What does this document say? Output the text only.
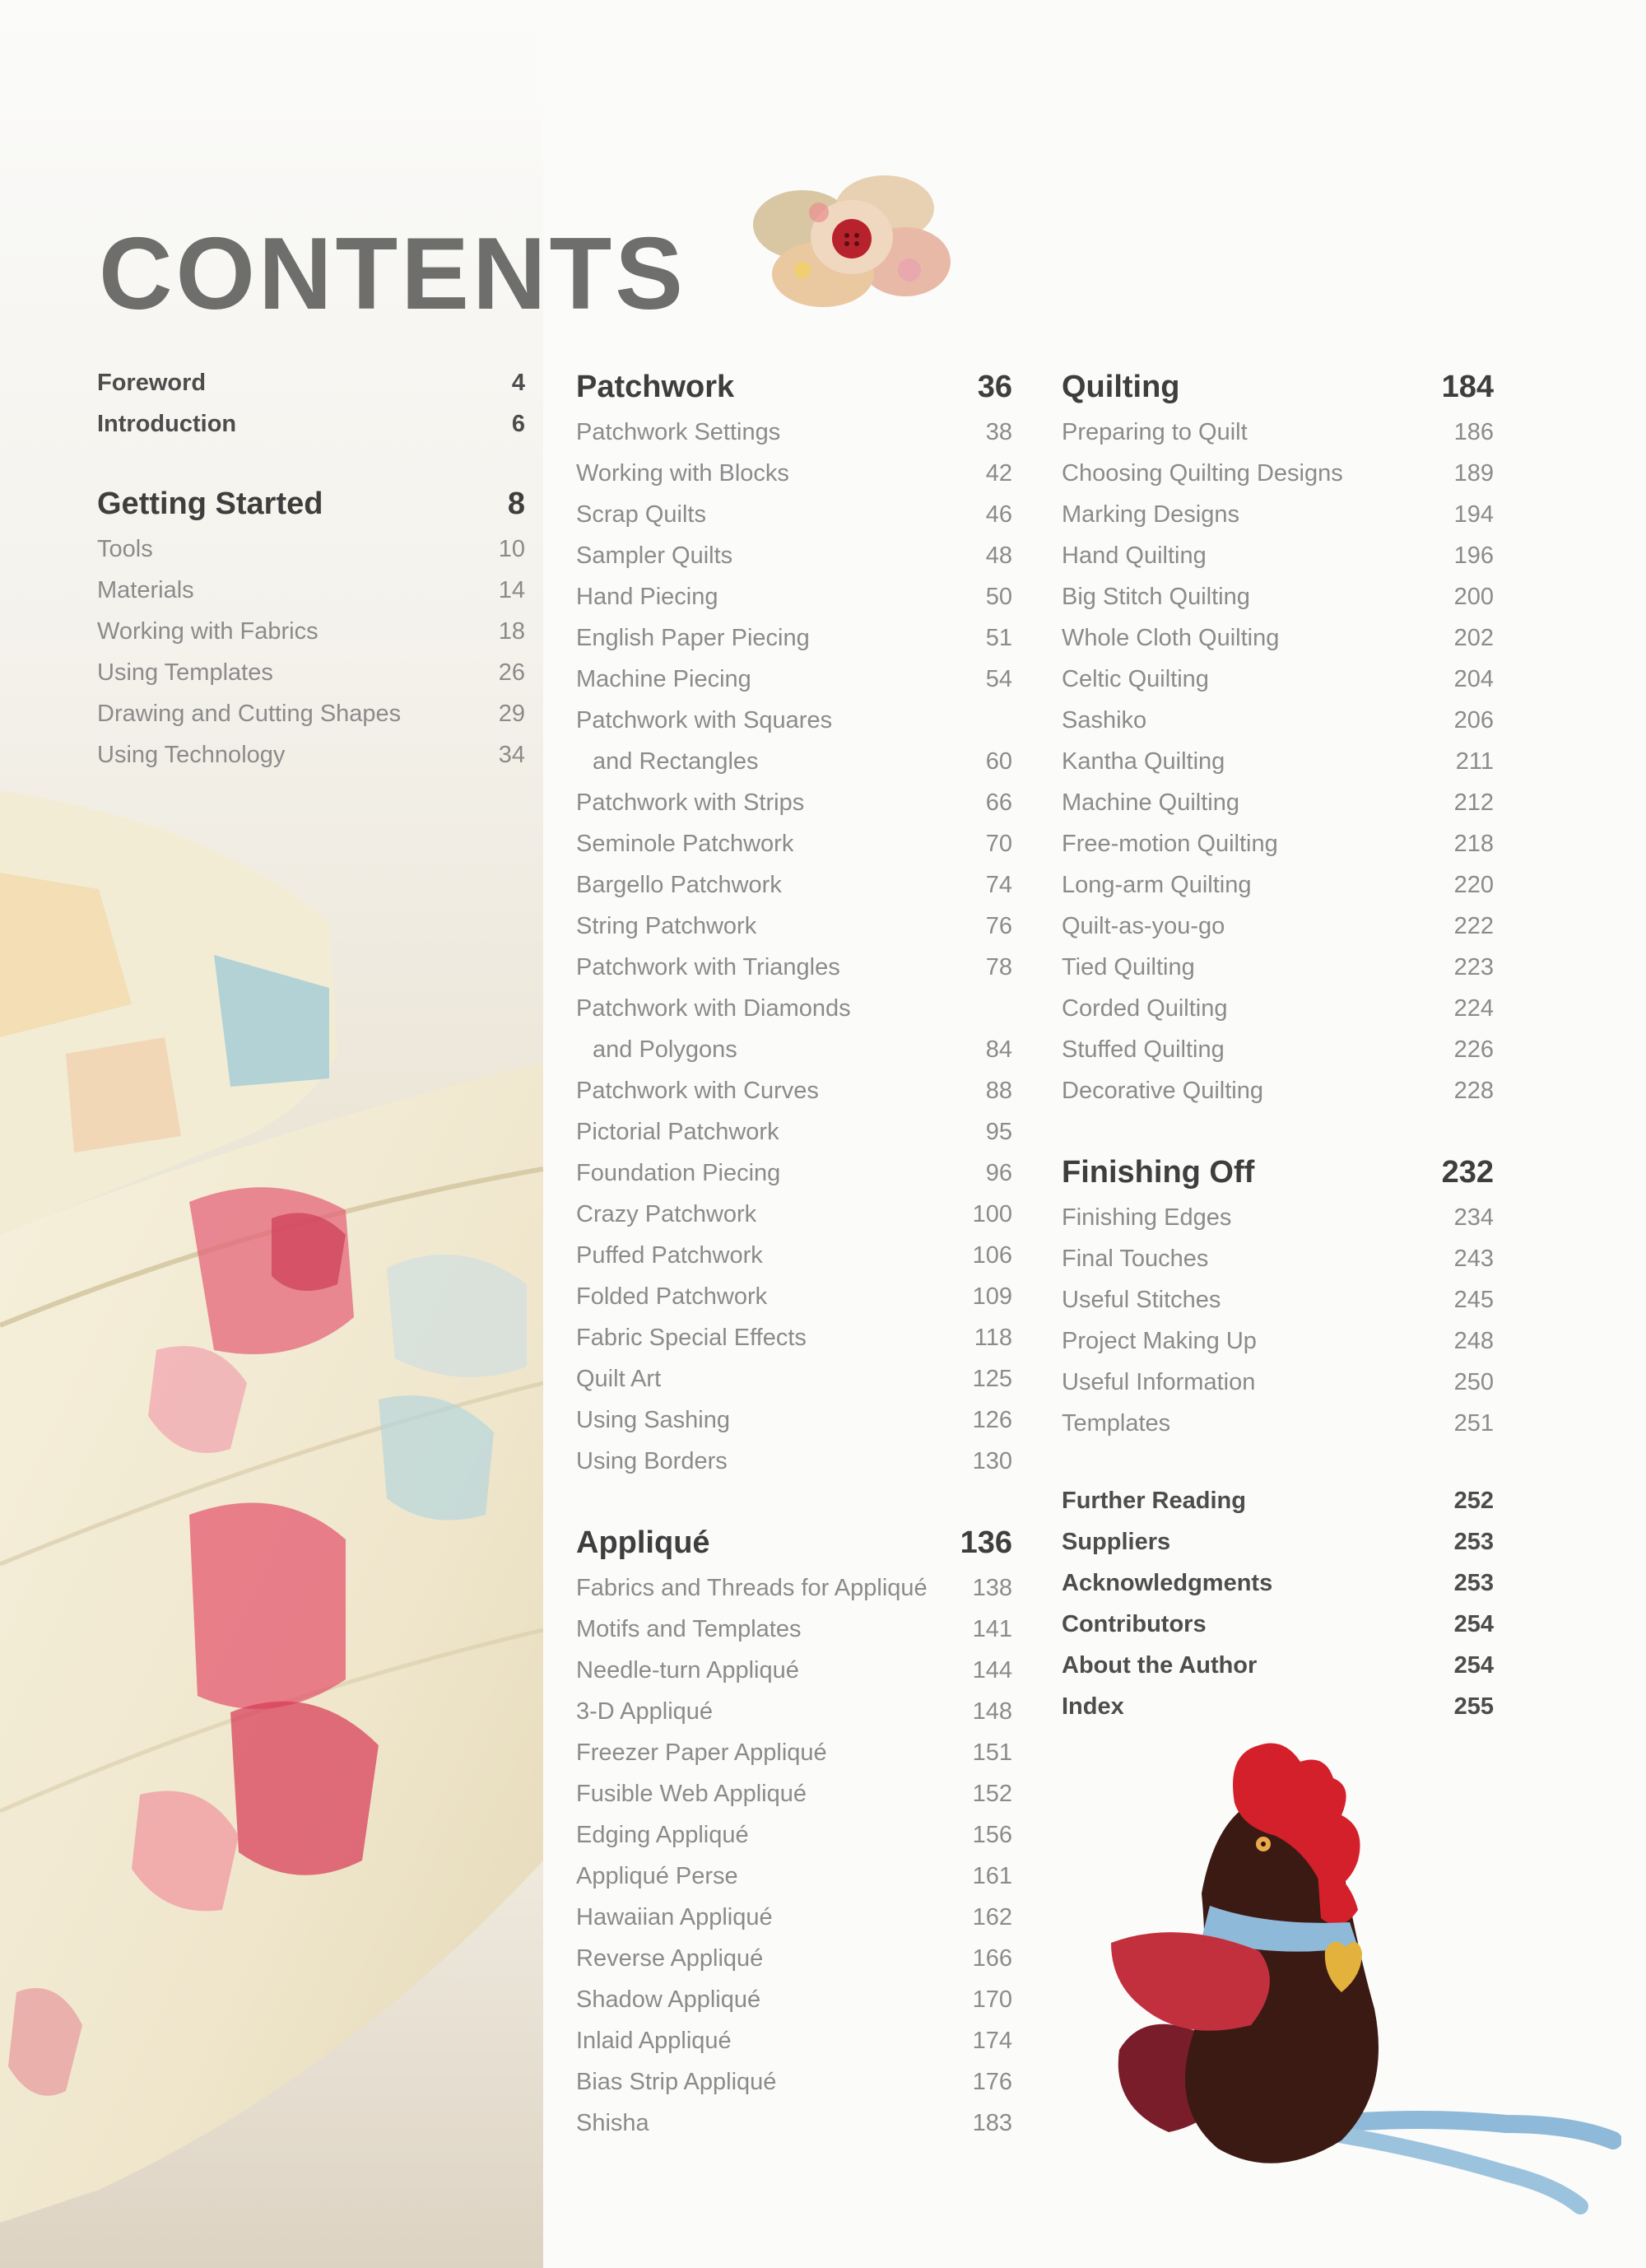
CONTENTS
Foreword	4
Introduction	6
Getting Started	8
Tools	10
Materials	14
Working with Fabrics	18
Using Templates	26
Drawing and Cutting Shapes	29
Using Technology	34
Patchwork	36
Patchwork Settings	38
Working with Blocks	42
Scrap Quilts	46
Sampler Quilts	48
Hand Piecing	50
English Paper Piecing	51
Machine Piecing	54
Patchwork with Squares
and Rectangles	60
Patchwork with Strips	66
Seminole Patchwork	70
Bargello Patchwork	74
String Patchwork	76
Patchwork with Triangles	78
Patchwork with Diamonds
and Polygons	84
Patchwork with Curves	88
Pictorial Patchwork	95
Foundation Piecing	96
Crazy Patchwork	100
Puffed Patchwork	106
Folded Patchwork	109
Fabric Special Effects	118
Quilt Art	125
Using Sashing	126
Using Borders	130
Appliqué	136
Fabrics and Threads for Appliqué 138
Motifs and Templates	141
Needle-turn Appliqué	144
3-D Appliqué	148
Freezer Paper Appliqué	151
Fusible Web Appliqué	152
Edging Appliqué	156
Appliqué Perse	161
Hawaiian Appliqué	162
Reverse Appliqué	166
Shadow Appliqué	170
Inlaid Appliqué	174
Bias Strip Appliqué	176
Shisha	183
Quilting	184
Preparing to Quilt	186
Choosing Quilting Designs	189
Marking Designs	194
Hand Quilting	196
Big Stitch Quilting	200
Whole Cloth Quilting	202
Celtic Quilting	204
Sashiko	206
Kantha Quilting	211
Machine Quilting	212
Free-motion Quilting	218
Long-arm Quilting	220
Quilt-as-you-go	222
Tied Quilting	223
Corded Quilting	224
Stuffed Quilting	226
Decorative Quilting	228
Finishing Off	232
Finishing Edges	234
Final Touches	243
Useful Stitches	245
Project Making Up	248
Useful Information	250
Templates	251
Further Reading	252
Suppliers	253
Acknowledgments	253
Contributors	254
About the Author	254
Index	255
